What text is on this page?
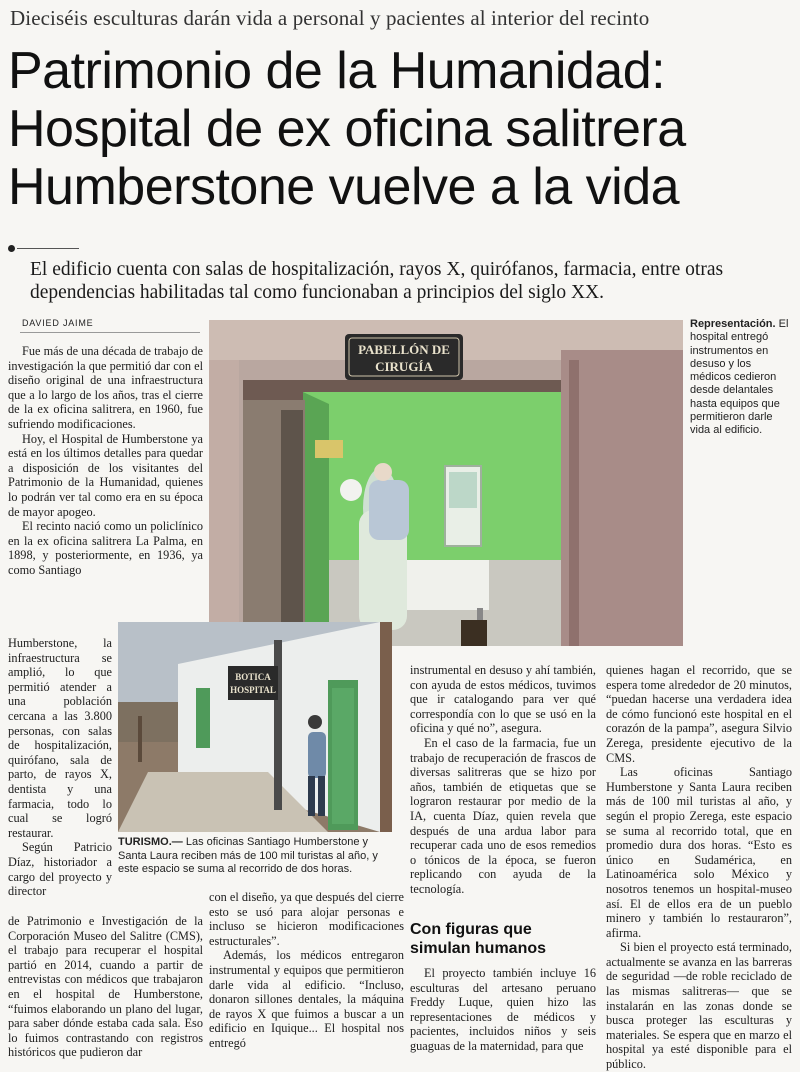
Dieciséis esculturas darán vida a personal y pacientes al interior del recinto
Patrimonio de la Humanidad:
Hospital de ex oficina salitrera
Humberstone vuelve a la vida
El edificio cuenta con salas de hospitalización, rayos X, quirófanos, farmacia, entre otras dependencias habilitadas tal como funcionaban a principios del siglo XX.
DAVIED JAIME

Fue más de una década de trabajo de investigación la que permitió dar con el diseño original de una infraestructura que a lo largo de los años, tras el cierre de la ex oficina salitrera, en 1960, fue sufriendo modificaciones.

Hoy, el Hospital de Humberstone ya está en los últimos detalles para quedar a disposición de los visitantes del Patrimonio de la Humanidad, quienes lo podrán ver tal como era en su época de mayor apogeo.

El recinto nació como un policlínico en la ex oficina salitrera La Palma, en 1898, y posteriormente, en 1936, ya como Santiago

Humberstone, la infraestructura se amplió, lo que permitió atender a una población cercana a las 3.800 personas, con salas de hospitalización, quirófano, sala de parto, de rayos X, dentista y una farmacia, todo lo cual se logró restaurar.

Según Patricio Díaz, historiador a cargo del proyecto y director

de Patrimonio e Investigación de la Corporación Museo del Salitre (CMS), el trabajo para recuperar el hospital partió en 2014, cuando a partir de entrevistas con médicos que trabajaron en el hospital de Humberstone, “fuimos elaborando un plano del lugar, para saber dónde estaba cada sala. Eso lo fuimos contrastando con registros históricos que pudieron dar

PABELLÓN DE
CIRUGÍA
Representación. El hospital entregó instrumentos en desuso y los médicos cedieron desde delantales hasta equipos que permitieron darle vida al edificio.
BOTICA
HOSPITAL
TURISMO.— Las oficinas Santiago Humberstone y Santa Laura reciben más de 100 mil turistas al año, y este espacio se suma al recorrido de dos horas.

con el diseño, ya que después del cierre esto se usó para alojar personas e incluso se hicieron modificaciones estructurales”.

Además, los médicos entregaron instrumental y equipos que permitieron darle vida al edificio. “Incluso, donaron sillones dentales, la máquina de rayos X que fuimos a buscar a un edificio en Iquique... El hospital nos entregó

instrumental en desuso y ahí también, con ayuda de estos médicos, tuvimos que ir catalogando para ver qué correspondía con lo que se usó en la oficina y qué no”, asegura.

En el caso de la farmacia, fue un trabajo de recuperación de frascos de diversas salitreras que se hizo por años, también de etiquetas que se lograron restaurar por medio de la IA, cuenta Díaz, quien revela que después de una ardua labor para recuperar cada uno de esos remedios o tónicos de la época, se fueron replicando con ayuda de la tecnología.

Con figuras que simulan humanos

El proyecto también incluye 16 esculturas del artesano peruano Freddy Luque, quien hizo las representaciones de médicos y pacientes, incluidos niños y seis guaguas de la maternidad, para que

quienes hagan el recorrido, que se espera tome alrededor de 20 minutos, “puedan hacerse una verdadera idea de cómo funcionó este hospital en el corazón de la pampa”, asegura Silvio Zerega, presidente ejecutivo de la CMS.

Las oficinas Santiago Humberstone y Santa Laura reciben más de 100 mil turistas al año, y según el propio Zerega, este espacio se suma al recorrido total, que en promedio dura dos horas. “Esto es único en Sudamérica, en Latinoamérica solo México y nosotros tenemos un hospital-museo así. El de ellos era de un pueblo minero y también lo restauraron”, afirma.

Si bien el proyecto está terminado, actualmente se avanza en las barreras de seguridad —de roble reciclado de las mismas salitreras— que se instalarán en las zonas donde se busca proteger las esculturas y materiales. Se espera que en marzo el hospital ya esté disponible para el público.
